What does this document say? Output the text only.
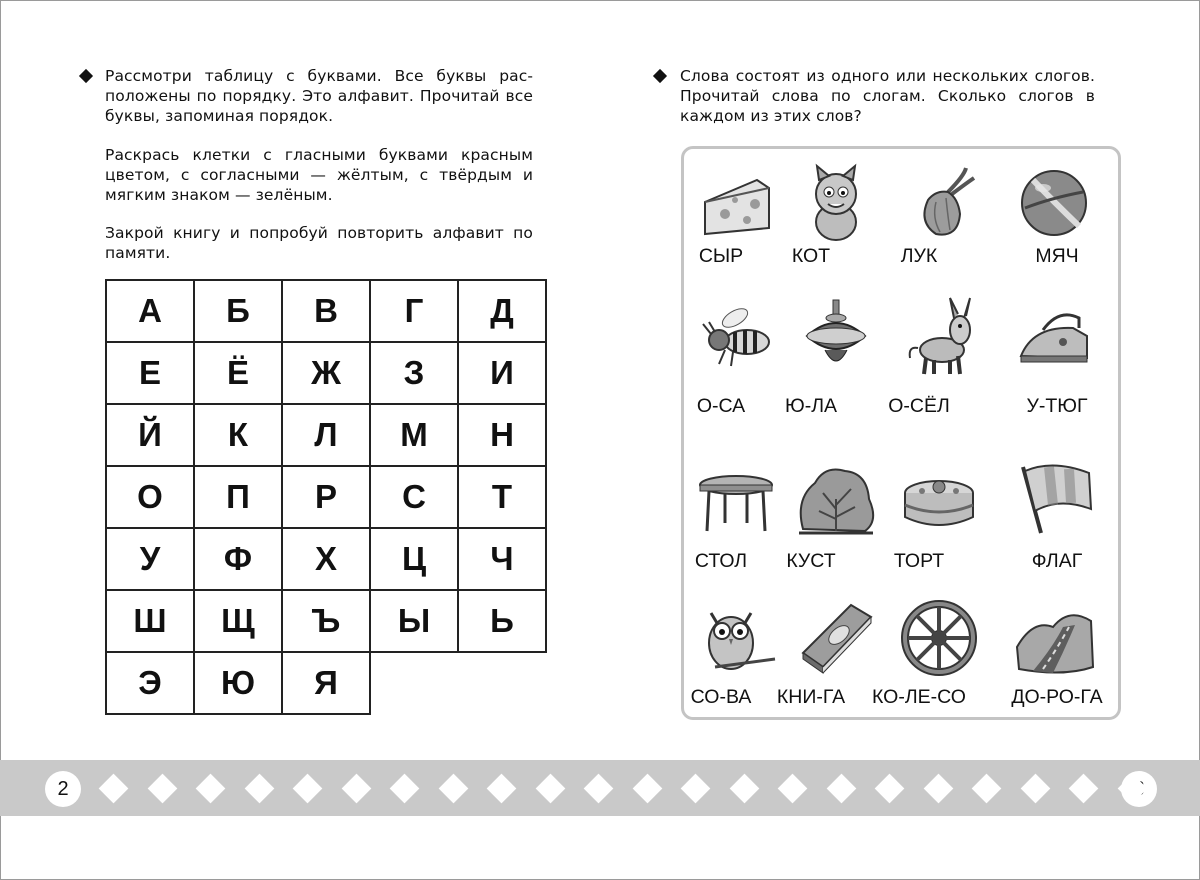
Рассмотри таблицу с буквами. Все буквы расположены по порядку. Это алфавит. Прочитай все буквы, запоминая порядок.
Раскрась клетки с гласными буквами красным цветом, с согласными — жёлтым, с твёрдым и мягким знаком — зелёным.
Закрой книгу и попробуй повторить алфавит по памяти.
А	Б	В	Г	Д
Е	Ё	Ж	З	И
Й	К	Л	М	Н
О	П	Р	С	Т
У	Ф	Х	Ц	Ч
Ш	Щ	Ъ	Ы	Ь
Э	Ю	Я
Слова состоят из одного или нескольких слогов. Прочитай слова по слогам. Сколько слогов в каждом из этих слов?
СЫР	КОТ	ЛУК	МЯЧ
О-СА	Ю-ЛА	О-СЁЛ	У-ТЮГ
СТОЛ	КУСТ	ТОРТ	ФЛАГ
СО-ВА	КНИ-ГА	КО-ЛЕ-СО	ДО-РО-ГА
2
